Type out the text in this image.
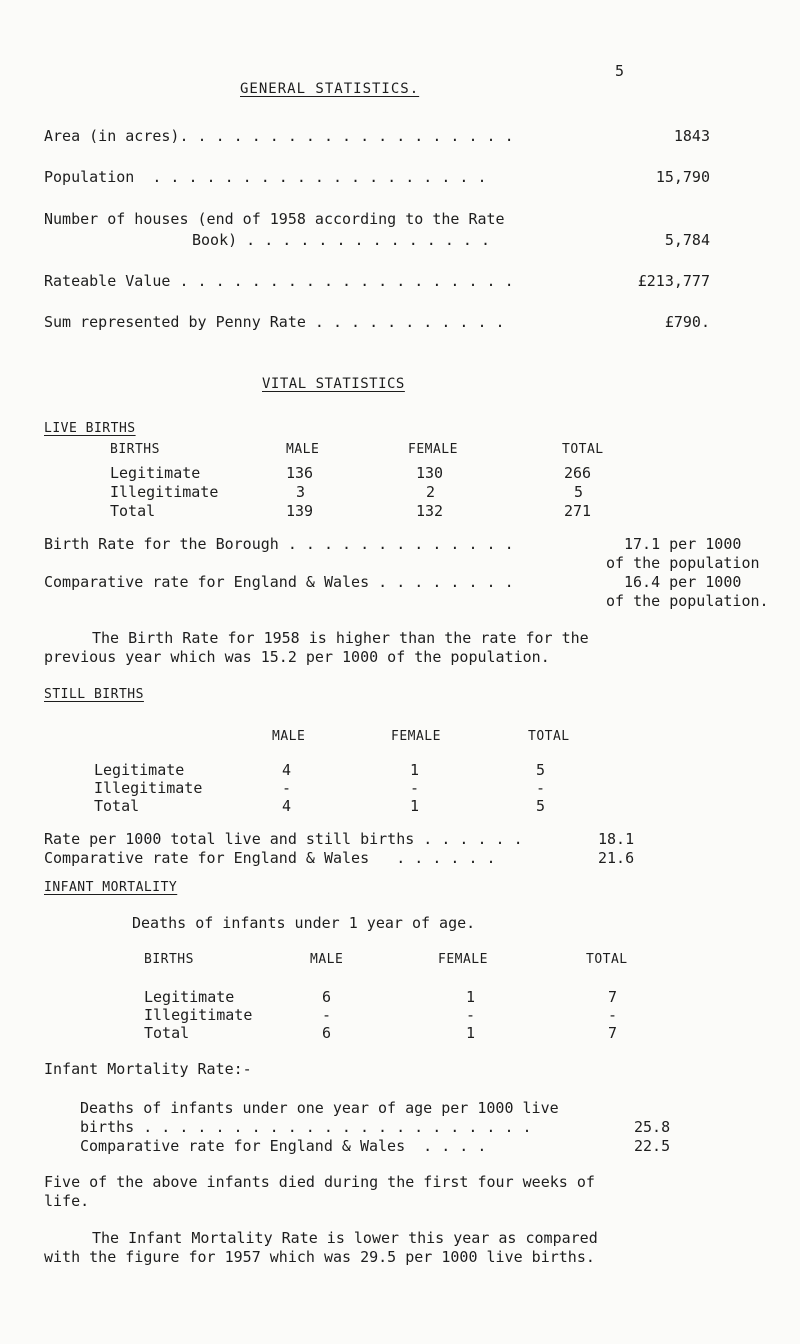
5
GENERAL STATISTICS.
Area (in acres). . . . . . . . . . . . . . . . . . .	1843
Population  . . . . . . . . . . . . . . . . . . .	15,790
Number of houses (end of 1958 according to the Rate
Book) . . . . . . . . . . . . . .	5,784
Rateable Value . . . . . . . . . . . . . . . . . . .	£213,777
Sum represented by Penny Rate . . . . . . . . . . .	£790.
VITAL STATISTICS
LIVE BIRTHS
BIRTHS	MALE	FEMALE	TOTAL
Legitimate	136	130	266
Illegitimate	3	2	5
Total	139	132	271
Birth Rate for the Borough . . . . . . . . . . . . .	17.1 per 1000
of the population
Comparative rate for England & Wales . . . . . . . .	16.4 per 1000
of the population.
The Birth Rate for 1958 is higher than the rate for the
previous year which was 15.2 per 1000 of the population.
STILL BIRTHS
MALE	FEMALE	TOTAL
Legitimate	4	1	5
Illegitimate	-	-	-
Total	4	1	5
Rate per 1000 total live and still births . . . . . .	18.1
Comparative rate for England & Wales   . . . . . .	21.6
INFANT MORTALITY
Deaths of infants under 1 year of age.
BIRTHS	MALE	FEMALE	TOTAL
Legitimate	6	1	7
Illegitimate	-	-	-
Total	6	1	7
Infant Mortality Rate:-
Deaths of infants under one year of age per 1000 live
births . . . . . . . . . . . . . . . . . . . . . .	25.8
Comparative rate for England & Wales  . . . .	22.5
Five of the above infants died during the first four weeks of
life.
The Infant Mortality Rate is lower this year as compared
with the figure for 1957 which was 29.5 per 1000 live births.
